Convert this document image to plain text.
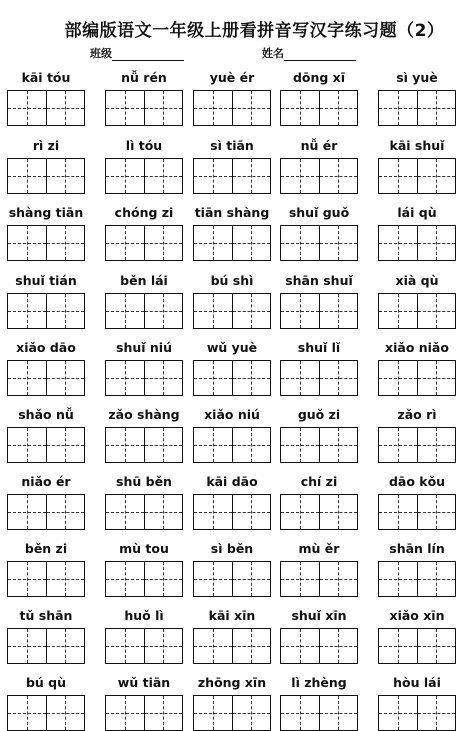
部编版语文一年级上册看拼音写汉字练习题（2）
班级	姓名
kāi tóu	nǚ rén	yuè ér	dōng xī	sì yuè
rì zi	lì tóu	sì tiān	nǚ ér	kāi shuǐ
shàng tiān	chóng zi	tiān shàng	shuǐ guǒ	lái qù
shuǐ tián	běn lái	bú shì	shān shuǐ	xià qù
xiǎo dāo	shuǐ niú	wǔ yuè	shuǐ lǐ	xiǎo niǎo
shǎo nǚ	zǎo shàng	xiǎo niú	guǒ zi	zǎo rì
niǎo ér	shū běn	kāi dāo	chí zi	dāo kǒu
běn zi	mù tou	sì běn	mù ěr	shān lín
tǔ shān	huǒ lì	kāi xīn	shuǐ xīn	xiǎo xīn
bú qù	wǔ tiān	zhōng xīn	lì zhèng	hòu lái
